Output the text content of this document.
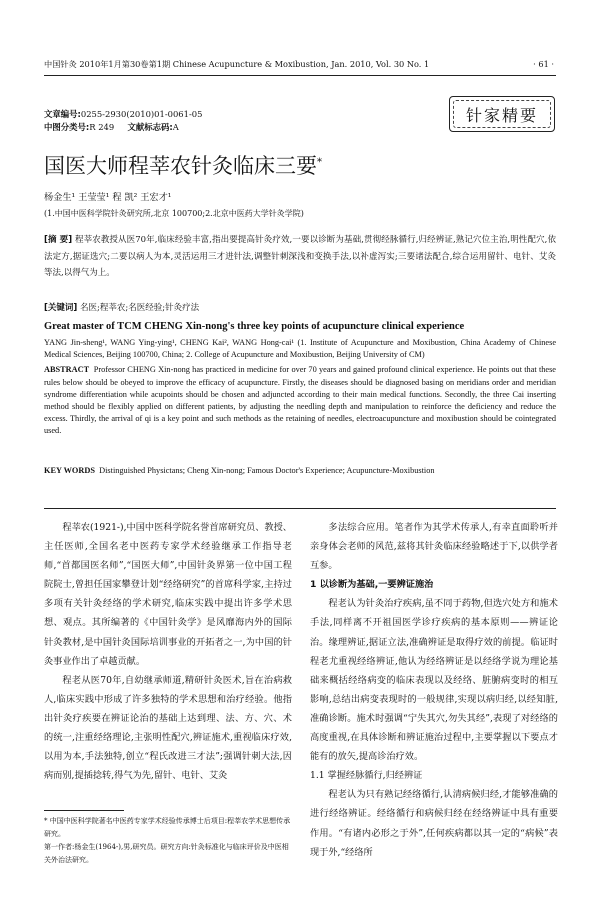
中国针灸 2010年1月第30卷第1期 Chinese Acupuncture & Moxibustion, Jan. 2010, Vol. 30 No. 1	· 61 ·
文章编号:0255-2930(2010)01-0061-05
中图分类号:R 249 文献标志码:A
针家精要
国医大师程莘农针灸临床三要*
杨金生¹ 王莹莹¹ 程 凯² 王宏才¹
(1.中国中医科学院针灸研究所,北京 100700;2.北京中医药大学针灸学院)
[摘 要] 程莘农教授从医70年,临床经验丰富,指出要提高针灸疗效,一要以诊断为基础,贯彻经脉循行,归经辨证,熟记穴位主治,明性配穴,依法定方,据证选穴;二要以病人为本,灵活运用三才进针法,调整针刺深浅和变换手法,以补虚泻实;三要诸法配合,综合运用留针、电针、艾灸等法,以得气为上。
[关键词] 名医;程莘农;名医经验;针灸疗法
Great master of TCM CHENG Xin-nong's three key points of acupuncture clinical experience

YANG Jin-sheng¹, WANG Ying-ying¹, CHENG Kai², WANG Hong-cai¹ (1. Institute of Acupuncture and Moxibustion, China Academy of Chinese Medical Sciences, Beijing 100700, China; 2. College of Acupuncture and Moxibustion, Beijing University of CM)

ABSTRACT Professor CHENG Xin-nong has practiced in medicine for over 70 years and gained profound clinical experience. He points out that these rules below should be obeyed to improve the efficacy of acupuncture. Firstly, the diseases should be diagnosed basing on meridians order and meridian syndrome differentiation while acupoints should be chosen and adjuncted according to their main medical functions. Secondly, the three Cai inserting method should be flexibly applied on different patients, by adjusting the needling depth and manipulation to reinforce the deficiency and reduce the excess. Thirdly, the arrival of qi is a key point and such methods as the retaining of needles, electroacupuncture and moxibustion should be cointegrated used.

KEY WORDS Distinguished Physictans; Cheng Xin-nong; Famous Doctor's Experience; Acupuncture-Moxibustion

程莘农(1921-),中国中医科学院名誉首席研究员、教授、主任医师,全国名老中医药专家学术经验继承工作指导老师,“首都国医名师”,“国医大师”,中国针灸界第一位中国工程院院士,曾担任国家攀登计划“经络研究”的首席科学家,主持过多项有关针灸经络的学术研究,临床实践中提出许多学术思想、观点。其所编著的《中国针灸学》是风靡海内外的国际针灸教材,是中国针灸国际培训事业的开拓者之一,为中国的针灸事业作出了卓越贡献。

程老从医70年,自幼继承师道,精研针灸医术,旨在治病救人,临床实践中形成了许多独特的学术思想和治疗经验。他指出针灸疗疾要在辨证论治的基础上达到理、法、方、穴、术的统一,注重经络理论,主张明性配穴,辨证施术,重视临床疗效,以用为本,手法独特,创立“程氏改进三才法”;强调针刺大法,因病而别,提插捻转,得气为先,留针、电针、艾灸

多法综合应用。笔者作为其学术传承人,有幸直面聆听并亲身体会老师的风范,兹将其针灸临床经验略述于下,以供学者互参。

1 以诊断为基础,一要辨证施治

程老认为针灸治疗疾病,虽不同于药物,但选穴处方和施术手法,同样离不开祖国医学诊疗疾病的基本原则——辨证论治。缘理辨证,据证立法,准确辨证是取得疗效的前提。临证时程老尤重视经络辨证,他认为经络辨证是以经络学说为理论基础来概括经络病变的临床表现以及经络、脏腑病变时的相互影响,总结出病变表现时的一般规律,实现以病归经,以经知脏,准确诊断。施术时强调“宁失其穴,勿失其经”,表现了对经络的高度重视,在具体诊断和辨证施治过程中,主要掌握以下要点才能有的放矢,提高诊治疗效。

1.1 掌握经脉循行,归经辨证

程老认为只有熟记经络循行,认清病候归经,才能够准确的进行经络辨证。经络循行和病候归经在经络辨证中具有重要作用。“有诸内必形之于外”,任何疾病都以其一定的“病候”表现于外,“经络所

* 中国中医科学院著名中医药专家学术经验传承博士后项目:程莘农学术思想传承研究。

第一作者:杨金生(1964-),男,研究员。研究方向:针灸标准化与临床评价及中医相关外治法研究。
